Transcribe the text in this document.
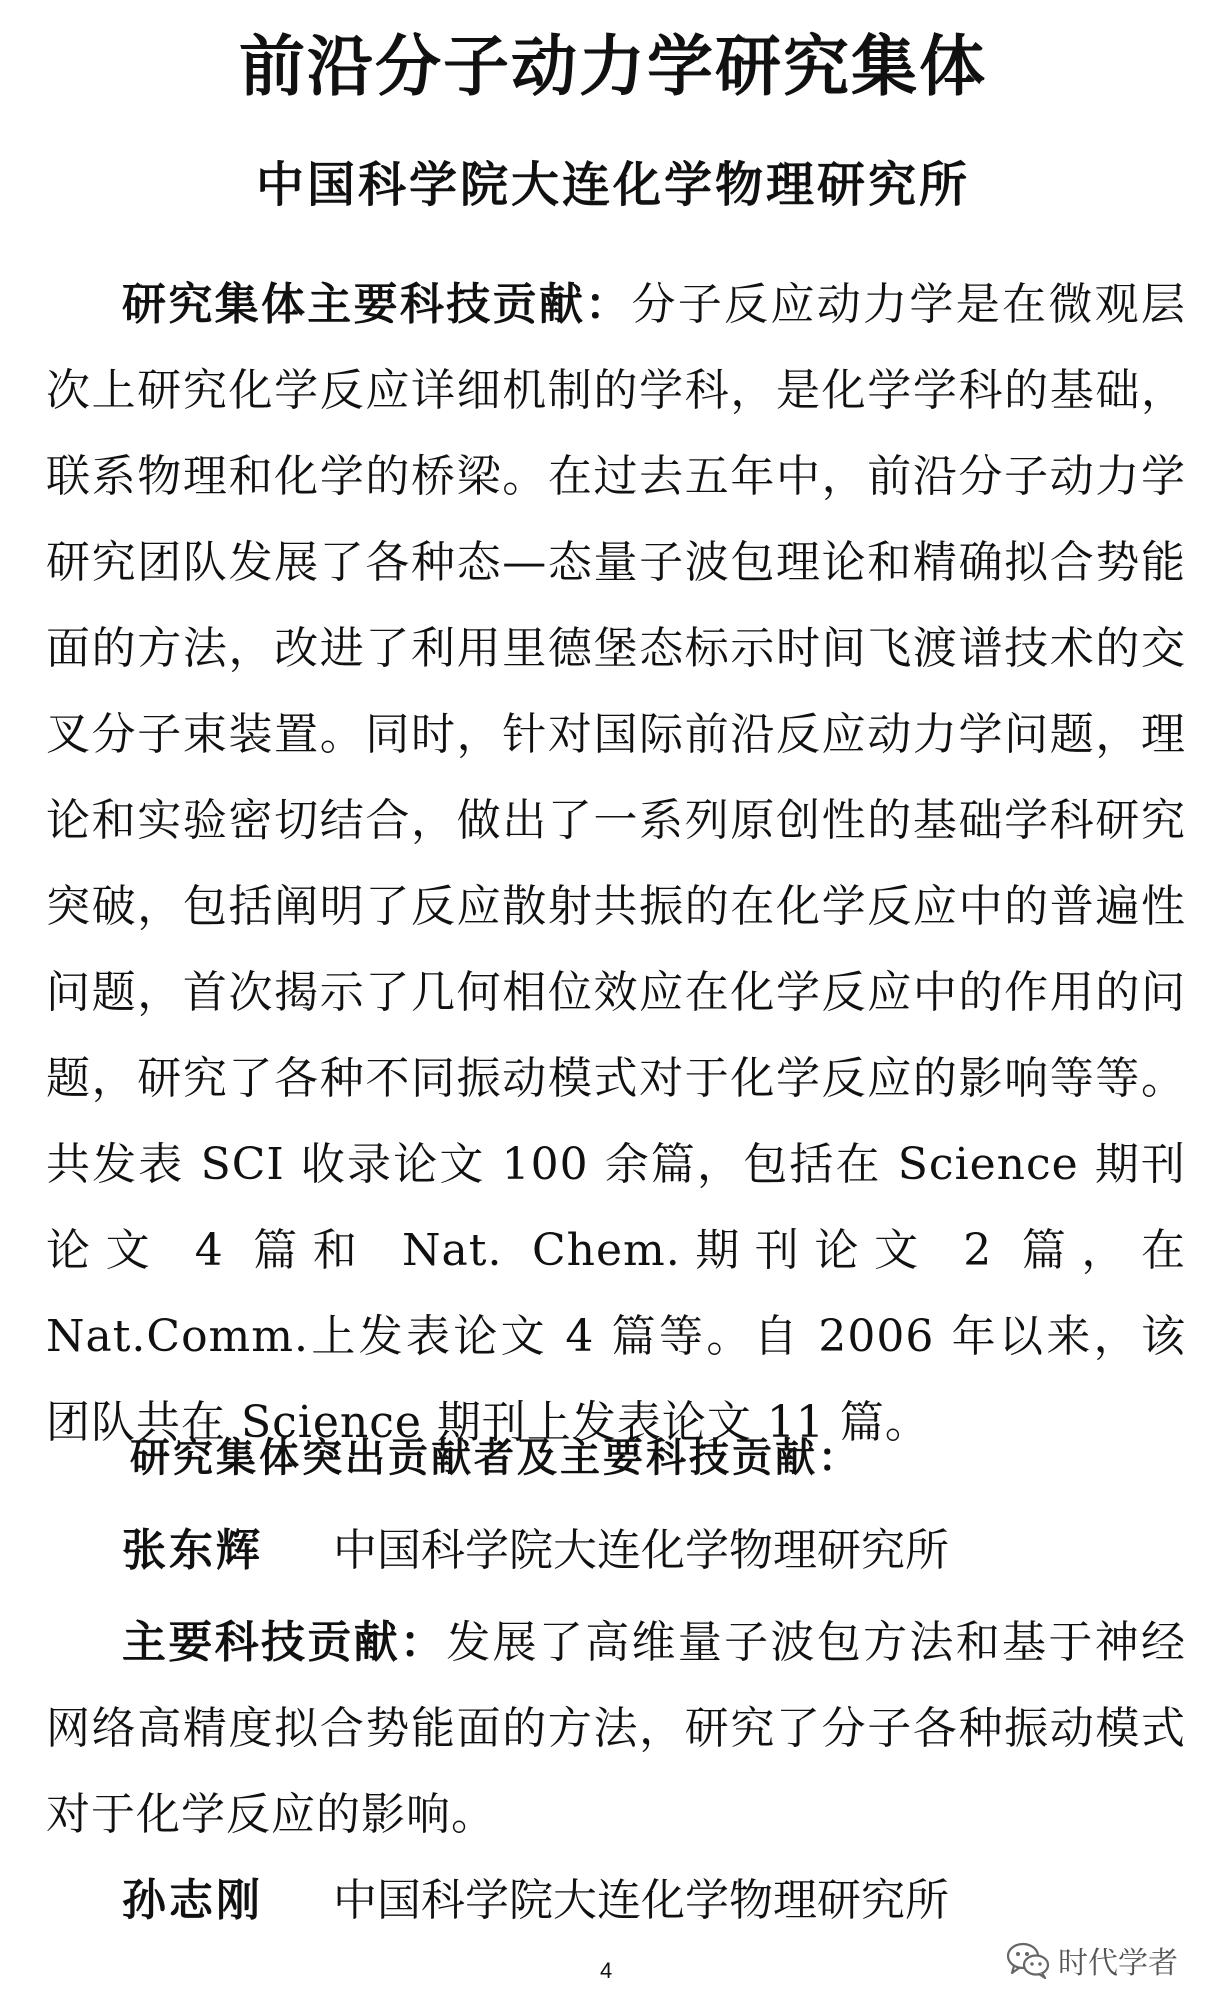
前沿分子动力学研究集体
中国科学院大连化学物理研究所

研究集体主要科技贡献：分子反应动力学是在微观层次上研究化学反应详细机制的学科，是化学学科的基础，联系物理和化学的桥梁。在过去五年中，前沿分子动力学研究团队发展了各种态—态量子波包理论和精确拟合势能面的方法，改进了利用里德堡态标示时间飞渡谱技术的交叉分子束装置。同时，针对国际前沿反应动力学问题，理论和实验密切结合，做出了一系列原创性的基础学科研究突破，包括阐明了反应散射共振的在化学反应中的普遍性问题，首次揭示了几何相位效应在化学反应中的作用的问题，研究了各种不同振动模式对于化学反应的影响等等。共发表 SCI 收录论文 100 余篇，包括在 Science 期刊论文 4 篇和 Nat. Chem.期刊论文 2 篇，在 Nat.Comm.上发表论文 4 篇等。自 2006 年以来，该团队共在 Science 期刊上发表论文 11 篇。

研究集体突出贡献者及主要科技贡献：

张东辉 中国科学院大连化学物理研究所

主要科技贡献：发展了高维量子波包方法和基于神经网络高精度拟合势能面的方法，研究了分子各种振动模式对于化学反应的影响。

孙志刚 中国科学院大连化学物理研究所

4	时代学者
